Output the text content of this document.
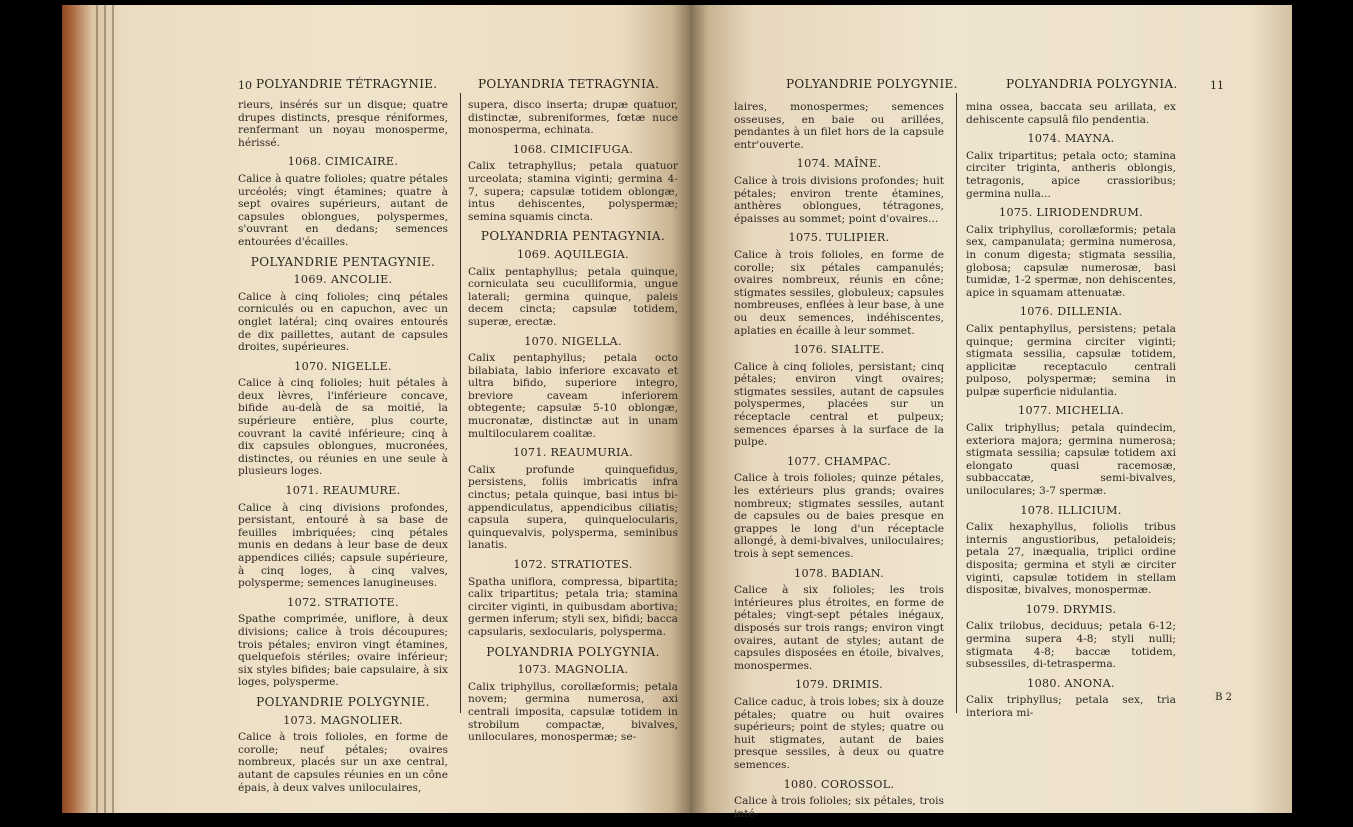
10 POLYANDRIE TÉTRAGYNIE.	POLYANDRIA TETRAGYNIA.

rieurs, insérés sur un disque; quatre drupes distincts, presque réniformes, renfermant un noyau monosperme, hérissé.

1068. CIMICAIRE.

Calice à quatre folioles; quatre pétales urcéolés; vingt étamines; quatre à sept ovaires supérieurs, autant de capsules oblongues, polyspermes, s'ouvrant en dedans; semences entourées d'écailles.

POLYANDRIE PENTAGYNIE.
1069. ANCOLIE.

Calice à cinq folioles; cinq pétales corniculés ou en capuchon, avec un onglet latéral; cinq ovaires entourés de dix paillettes, autant de capsules droites, supérieures.

1070. NIGELLE.

Calice à cinq folioles; huit pétales à deux lèvres, l'inférieure concave, bifide au-delà de sa moitié, la supérieure entière, plus courte, couvrant la cavité inférieure; cinq à dix capsules oblongues, mucronées, distinctes, ou réunies en une seule à plusieurs loges.

1071. REAUMURE.

Calice à cinq divisions profondes, persistant, entouré à sa base de feuilles imbriquées; cinq pétales munis en dedans à leur base de deux appendices ciliés; capsule supérieure, à cinq loges, à cinq valves, polysperme; semences lanugineuses.

1072. STRATIOTE.

Spathe comprimée, uniflore, à deux divisions; calice à trois découpures; trois pétales; environ vingt étamines, quelquefois stériles; ovaire inférieur; six styles bifides; baie capsulaire, à six loges, polysperme.

POLYANDRIE POLYGYNIE.
1073. MAGNOLIER.

Calice à trois folioles, en forme de corolle; neuf pétales; ovaires nombreux, placés sur un axe central, autant de capsules réunies en un cône épais, à deux valves uniloculaires,

supera, disco inserta; drupæ quatuor, distinctæ, subreniformes, fœtæ nuce monosperma, echinata.

1068. CIMICIFUGA.

Calix tetraphyllus; petala quatuor urceolata; stamina viginti; germina 4-7, supera; capsulæ totidem oblongæ, intus dehiscentes, polyspermæ; semina squamis cincta.

POLYANDRIA PENTAGYNIA.
1069. AQUILEGIA.

Calix pentaphyllus; petala quinque, corniculata seu cuculliformia, ungue laterali; germina quinque, paleis decem cincta; capsulæ totidem, superæ, erectæ.

1070. NIGELLA.

Calix pentaphyllus; petala octo bilabiata, labio inferiore excavato et ultra bifido, superiore integro, breviore caveam inferiorem obtegente; capsulæ 5-10 oblongæ, mucronatæ, distinctæ aut in unam multilocularem coalitæ.

1071. REAUMURIA.

Calix profunde quinquefidus, persistens, foliis imbricatis infra cinctus; petala quinque, basi intus bi-appendiculatus, appendicibus ciliatis; capsula supera, quinquelocularis, quinquevalvis, polysperma, seminibus lanatis.

1072. STRATIOTES.

Spatha uniflora, compressa, bipartita; calix tripartitus; petala tria; stamina circiter viginti, in quibusdam abortiva; germen inferum; styli sex, bifidi; bacca capsularis, sexlocularis, polysperma.

POLYANDRIA POLYGYNIA.
1073. MAGNOLIA.

Calix triphyllus, corollæformis; petala novem; germina numerosa, axi centrali imposita, capsulæ totidem in strobilum compactæ, bivalves, uniloculares, monospermæ; se-

POLYANDRIE POLYGYNIE.	POLYANDRIA POLYGYNIA.	11

laires, monospermes; semences osseuses, en baie ou arillées, pendantes à un filet hors de la capsule entr'ouverte.

1074. MAÎNE.

Calice à trois divisions profondes; huit pétales; environ trente étamines, anthères oblongues, tétragones, épaisses au sommet; point d'ovaires...

1075. TULIPIER.

Calice à trois folioles, en forme de corolle; six pétales campanulés; ovaires nombreux, réunis en cône; stigmates sessiles, globuleux; capsules nombreuses, enflées à leur base, à une ou deux semences, indéhiscentes, aplaties en écaille à leur sommet.

1076. SIALITE.

Calice à cinq folioles, persistant; cinq pétales; environ vingt ovaires; stigmates sessiles, autant de capsules polyspermes, placées sur un réceptacle central et pulpeux; semences éparses à la surface de la pulpe.

1077. CHAMPAC.

Calice à trois folioles; quinze pétales, les extérieurs plus grands; ovaires nombreux; stigmates sessiles, autant de capsules ou de baies presque en grappes le long d'un réceptacle allongé, à demi-bivalves, uniloculaires; trois à sept semences.

1078. BADIAN.

Calice à six folioles; les trois intérieures plus étroites, en forme de pétales; vingt-sept pétales inégaux, disposés sur trois rangs; environ vingt ovaires, autant de styles; autant de capsules disposées en étoile, bivalves, monospermes.

1079. DRIMIS.

Calice caduc, à trois lobes; six à douze pétales; quatre ou huit ovaires supérieurs; point de styles; quatre ou huit stigmates, autant de baies presque sessiles, à deux ou quatre semences.

1080. COROSSOL.

Calice à trois folioles; six pétales, trois inté-

mina ossea, baccata seu arillata, ex dehiscente capsulâ filo pendentia.

1074. MAYNA.

Calix tripartitus; petala octo; stamina circiter triginta, antheris oblongis, tetragonis, apice crassioribus; germina nulla...

1075. LIRIODENDRUM.

Calix triphyllus, corollæformis; petala sex, campanulata; germina numerosa, in conum digesta; stigmata sessilia, globosa; capsulæ numerosæ, basi tumidæ, 1-2 spermæ, non dehiscentes, apice in squamam attenuatæ.

1076. DILLENIA.

Calix pentaphyllus, persistens; petala quinque; germina circiter viginti; stigmata sessilia, capsulæ totidem, applicitæ receptaculo centrali pulposo, polyspermæ; semina in pulpæ superficie nidulantia.

1077. MICHELIA.

Calix triphyllus; petala quindecim, exteriora majora; germina numerosa; stigmata sessilia; capsulæ totidem axi elongato quasi racemosæ, subbaccatæ, semi-bivalves, uniloculares; 3-7 spermæ.

1078. ILLICIUM.

Calix hexaphyllus, foliolis tribus internis angustioribus, petaloideis; petala 27, inæqualia, triplici ordine disposita; germina et styli æ circiter viginti, capsulæ totidem in stellam dispositæ, bivalves, monospermæ.

1079. DRYMIS.

Calix trilobus, deciduus; petala 6-12; germina supera 4-8; styli nulli; stigmata 4-8; baccæ totidem, subsessiles, di-tetrasperma.

1080. ANONA.

Calix triphyllus; petala sex, tria interiora mi-

B 2
